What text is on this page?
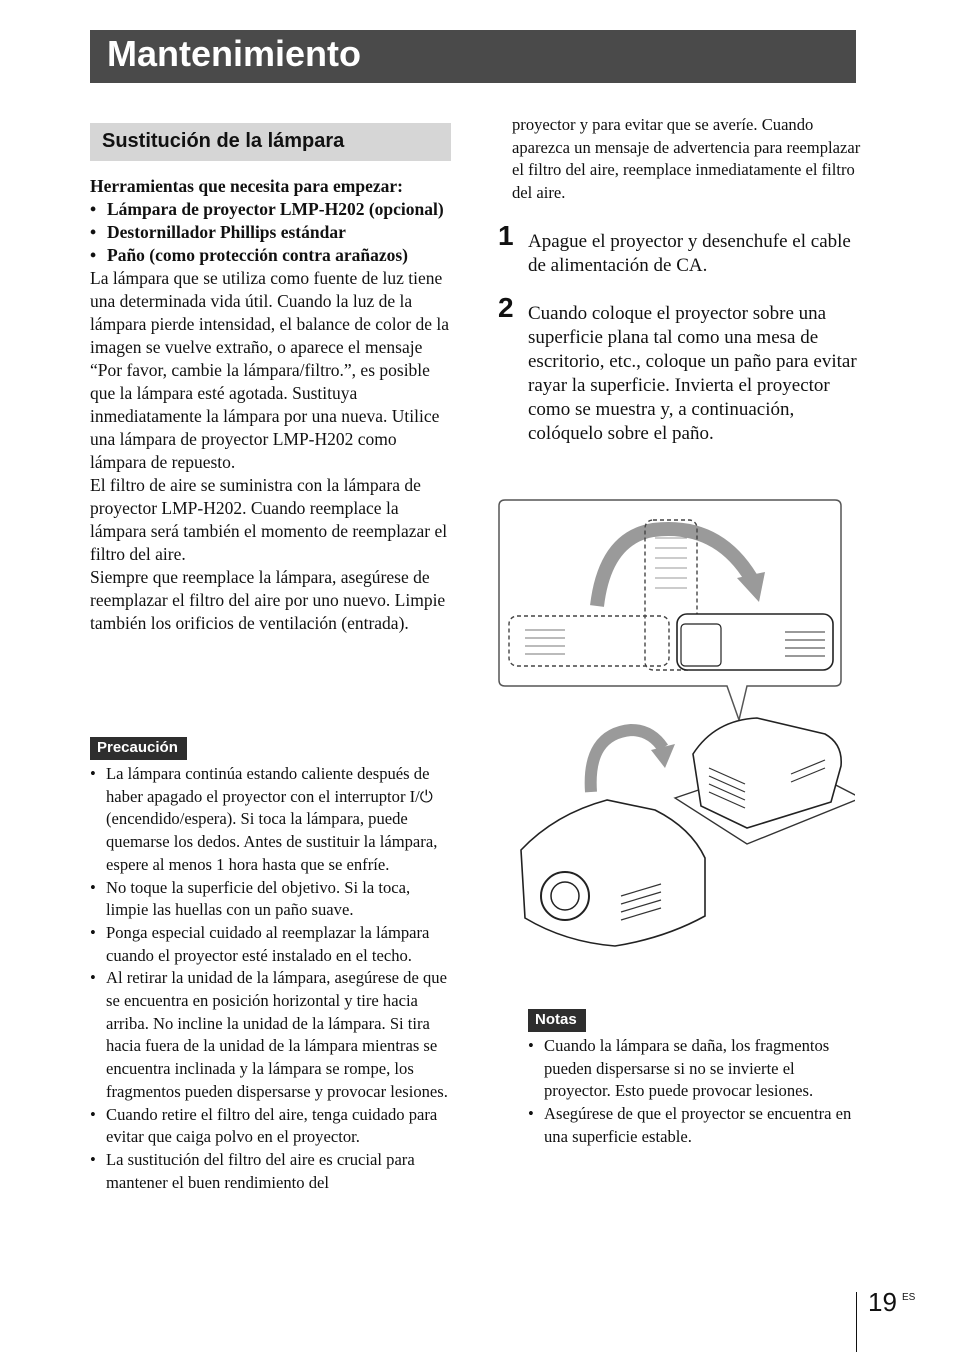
Mantenimiento
Sustitución de la lámpara
Herramientas que necesita para empezar:
• Lámpara de proyector LMP-H202 (opcional)
• Destornillador Phillips estándar
• Paño (como protección contra arañazos)

La lámpara que se utiliza como fuente de luz tiene una determinada vida útil. Cuando la luz de la lámpara pierde intensidad, el balance de color de la imagen se vuelve extraño, o aparece el mensaje “Por favor, cambie la lámpara/filtro.”, es posible que la lámpara esté agotada. Sustituya inmediatamente la lámpara por una nueva. Utilice una lámpara de proyector LMP-H202 como lámpara de repuesto.

El filtro de aire se suministra con la lámpara de proyector LMP-H202. Cuando reemplace la lámpara será también el momento de reemplazar el filtro del aire.

Siempre que reemplace la lámpara, asegúrese de reemplazar el filtro del aire por uno nuevo. Limpie también los orificios de ventilación (entrada).

Precaución
• La lámpara continúa estando caliente después de haber apagado el proyector con el interruptor I/⏻ (encendido/espera). Si toca la lámpara, puede quemarse los dedos. Antes de sustituir la lámpara, espere al menos 1 hora hasta que se enfríe.
• No toque la superficie del objetivo. Si la toca, limpie las huellas con un paño suave.
• Ponga especial cuidado al reemplazar la lámpara cuando el proyector esté instalado en el techo.
• Al retirar la unidad de la lámpara, asegúrese de que se encuentra en posición horizontal y tire hacia arriba. No incline la unidad de la lámpara. Si tira hacia fuera de la unidad de la lámpara mientras se encuentra inclinada y la lámpara se rompe, los fragmentos pueden dispersarse y provocar lesiones.
• Cuando retire el filtro del aire, tenga cuidado para evitar que caiga polvo en el proyector.
• La sustitución del filtro del aire es crucial para mantener el buen rendimiento del
proyector y para evitar que se averíe. Cuando aparezca un mensaje de advertencia para reemplazar el filtro del aire, reemplace inmediatamente el filtro del aire.
1 Apague el proyector y desenchufe el cable de alimentación de CA.
2 Cuando coloque el proyector sobre una superficie plana tal como una mesa de escritorio, etc., coloque un paño para evitar rayar la superficie. Invierta el proyector como se muestra y, a continuación, colóquelo sobre el paño.
Notas
• Cuando la lámpara se daña, los fragmentos pueden dispersarse si no se invierte el proyector. Esto puede provocar lesiones.
• Asegúrese de que el proyector se encuentra en una superficie estable.
19 ES
